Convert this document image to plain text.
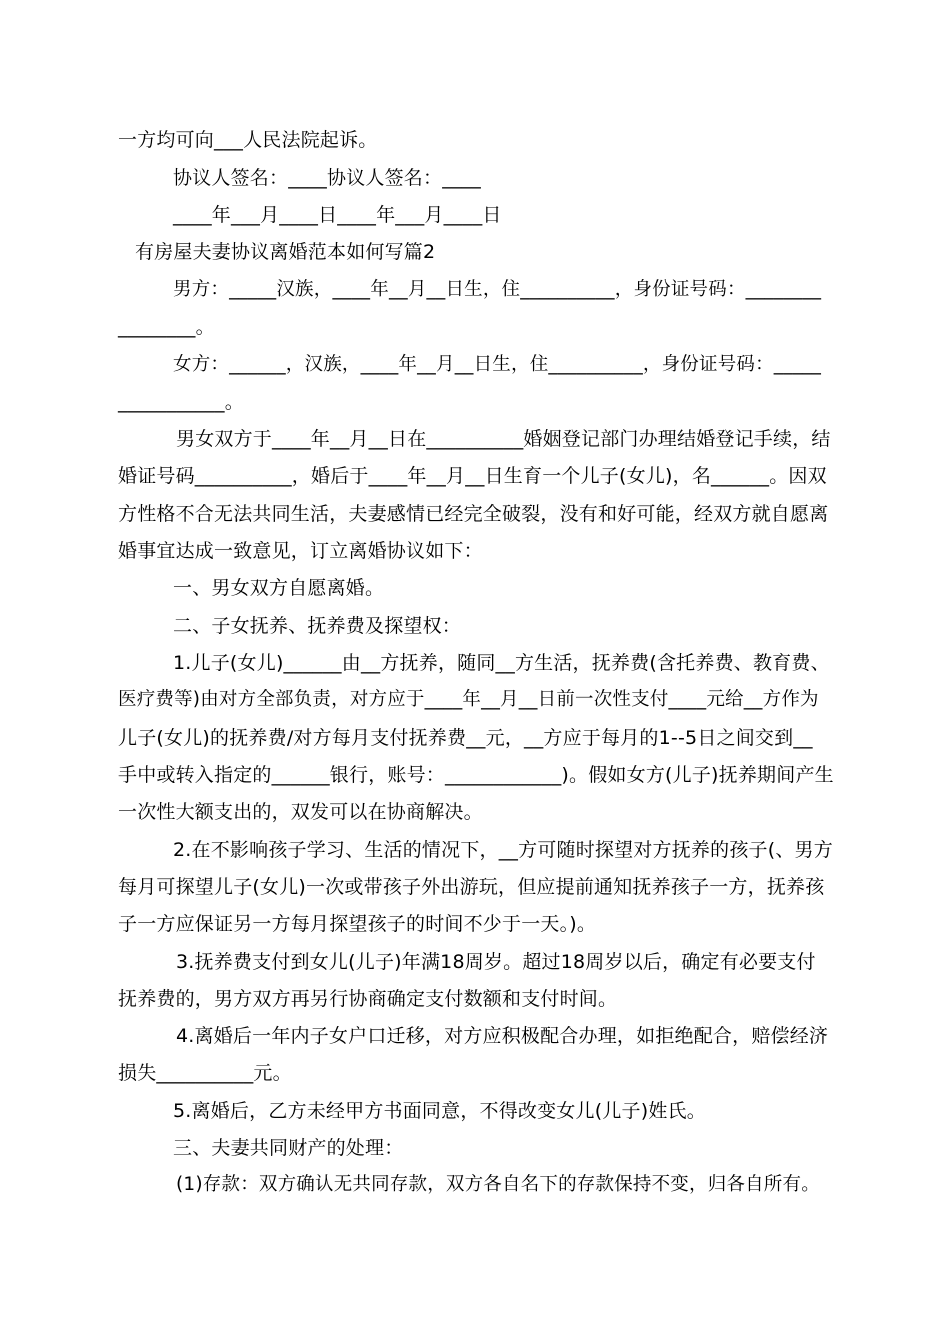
一方均可向___人民法院起诉。
协议人签名：____协议人签名：____
____年___月____日____年___月____日
有房屋夫妻协议离婚范本如何写篇2
男方：_____汉族，____年__月__日生，住__________，身份证号码：________
________。
女方：______，汉族，____年__月__日生，住__________，身份证号码：_____
___________。
男女双方于____年__月__日在__________婚姻登记部门办理结婚登记手续，结
婚证号码__________，婚后于____年__月__日生育一个儿子(女儿)，名______。因双
方性格不合无法共同生活，夫妻感情已经完全破裂，没有和好可能，经双方就自愿离
婚事宜达成一致意见，订立离婚协议如下：
一、男女双方自愿离婚。
二、子女抚养、抚养费及探望权：
1.儿子(女儿)______由__方抚养，随同__方生活，抚养费(含托养费、教育费、
医疗费等)由对方全部负责，对方应于____年__月__日前一次性支付____元给__方作为
儿子(女儿)的抚养费/对方每月支付抚养费__元，__方应于每月的1--5日之间交到__
手中或转入指定的______银行，账号：____________)。假如女方(儿子)抚养期间产生
一次性大额支出的，双发可以在协商解决。
2.在不影响孩子学习、生活的情况下，__方可随时探望对方抚养的孩子(、男方
每月可探望儿子(女儿)一次或带孩子外出游玩，但应提前通知抚养孩子一方，抚养孩
子一方应保证另一方每月探望孩子的时间不少于一天。)。
3.抚养费支付到女儿(儿子)年满18周岁。超过18周岁以后，确定有必要支付
抚养费的，男方双方再另行协商确定支付数额和支付时间。
4.离婚后一年内子女户口迁移，对方应积极配合办理，如拒绝配合，赔偿经济
损失__________元。
5.离婚后，乙方未经甲方书面同意，不得改变女儿(儿子)姓氏。
三、夫妻共同财产的处理：
(1)存款：双方确认无共同存款，双方各自名下的存款保持不变，归各自所有。
